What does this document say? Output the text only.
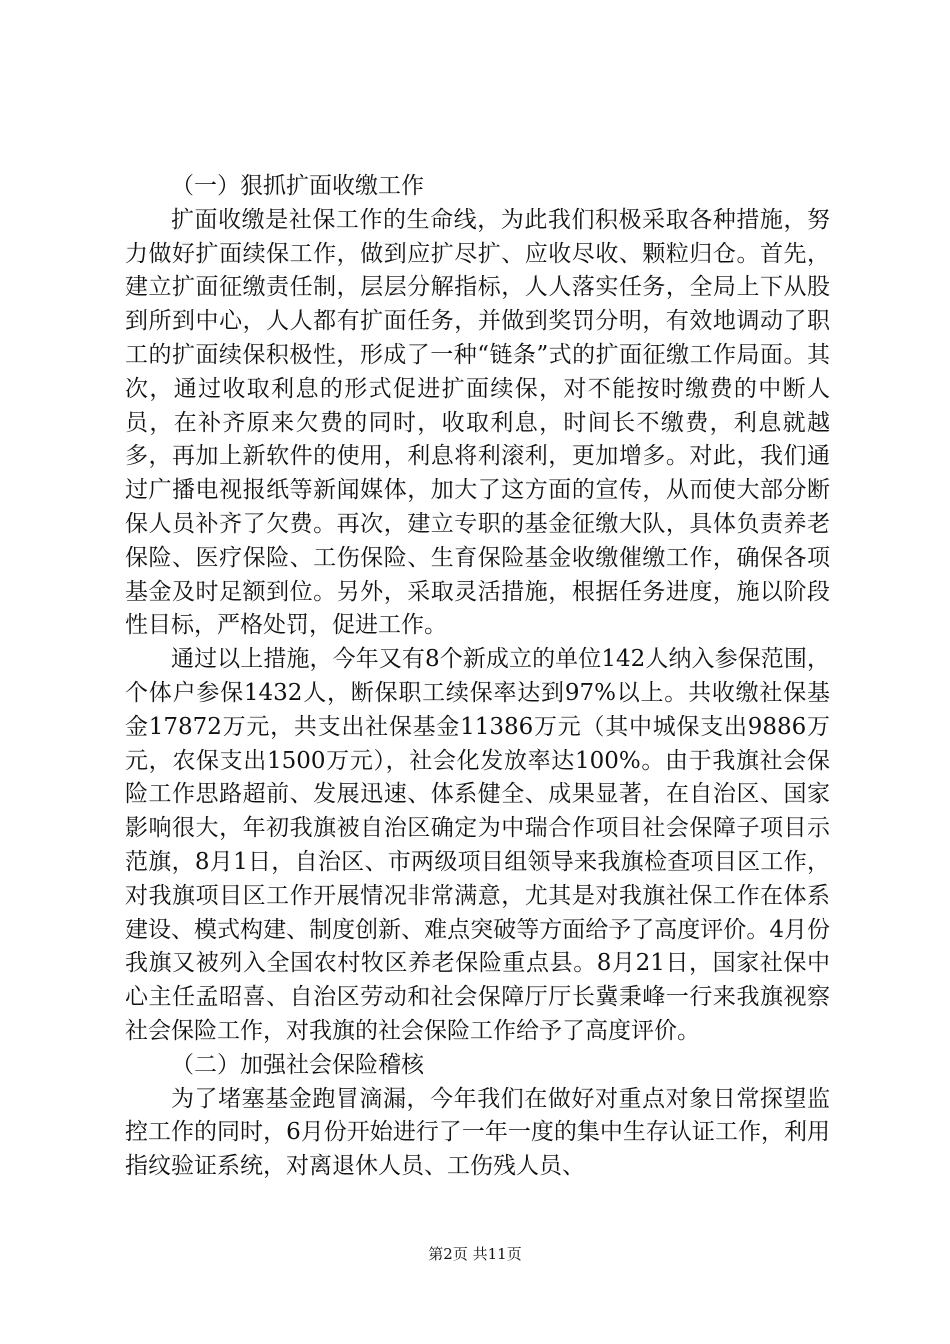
（一）狠抓扩面收缴工作

扩面收缴是社保工作的生命线，为此我们积极采取各种措施，努力做好扩面续保工作，做到应扩尽扩、应收尽收、颗粒归仓。首先，建立扩面征缴责任制，层层分解指标，人人落实任务，全局上下从股到所到中心，人人都有扩面任务，并做到奖罚分明，有效地调动了职工的扩面续保积极性，形成了一种“链条”式的扩面征缴工作局面。其次，通过收取利息的形式促进扩面续保，对不能按时缴费的中断人员，在补齐原来欠费的同时，收取利息，时间长不缴费，利息就越多，再加上新软件的使用，利息将利滚利，更加增多。对此，我们通过广播电视报纸等新闻媒体，加大了这方面的宣传，从而使大部分断保人员补齐了欠费。再次，建立专职的基金征缴大队，具体负责养老保险、医疗保险、工伤保险、生育保险基金收缴催缴工作，确保各项基金及时足额到位。另外，采取灵活措施，根据任务进度，施以阶段性目标，严格处罚，促进工作。

通过以上措施，今年又有8个新成立的单位142人纳入参保范围，个体户参保1432人，断保职工续保率达到97%以上。共收缴社保基金17872万元，共支出社保基金11386万元（其中城保支出9886万元，农保支出1500万元），社会化发放率达100%。由于我旗社会保险工作思路超前、发展迅速、体系健全、成果显著，在自治区、国家影响很大，年初我旗被自治区确定为中瑞合作项目社会保障子项目示范旗，8月1日，自治区、市两级项目组领导来我旗检查项目区工作，对我旗项目区工作开展情况非常满意，尤其是对我旗社保工作在体系建设、模式构建、制度创新、难点突破等方面给予了高度评价。4月份我旗又被列入全国农村牧区养老保险重点县。8月21日，国家社保中心主任孟昭喜、自治区劳动和社会保障厅厅长冀秉峰一行来我旗视察社会保险工作，对我旗的社会保险工作给予了高度评价。

（二）加强社会保险稽核

为了堵塞基金跑冒滴漏，今年我们在做好对重点对象日常探望监控工作的同时，6月份开始进行了一年一度的集中生存认证工作，利用指纹验证系统，对离退休人员、工伤残人员、

第2页 共11页
